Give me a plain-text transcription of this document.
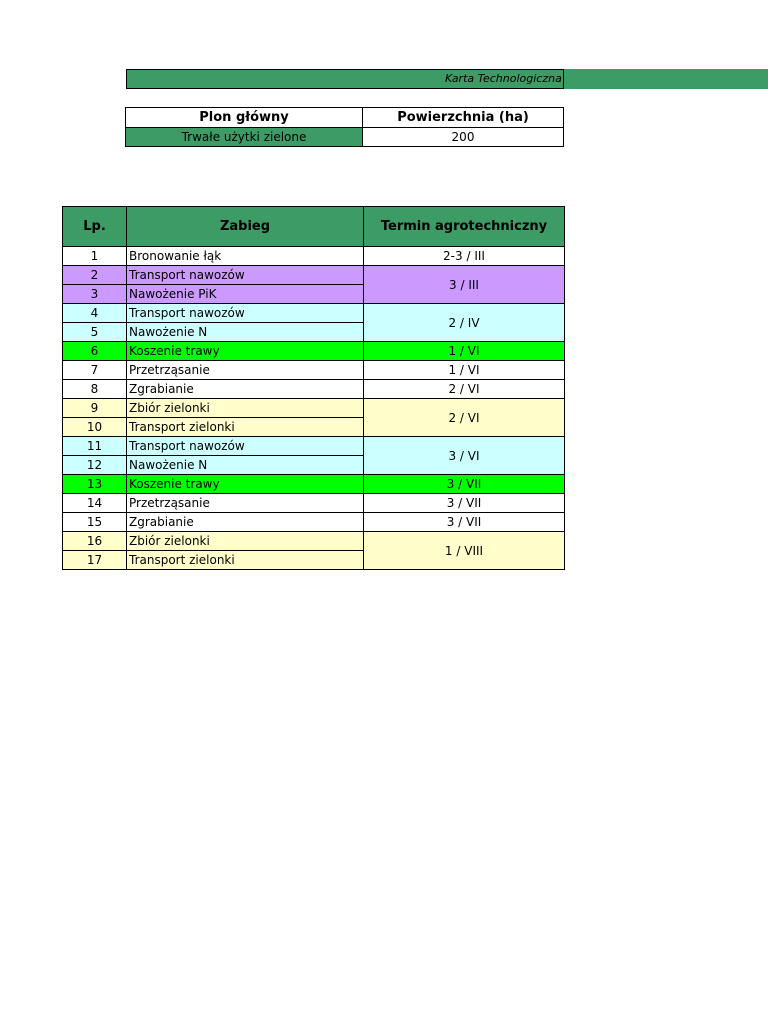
Karta Technologiczna
Plon główny	Powierzchnia (ha)
Trwałe użytki zielone	200
Lp.	Zabieg	Termin agrotechniczny
1	Bronowanie łąk	2-3 / III
2	Transport nawozów	3 / III
3	Nawożenie PiK	
4	Transport nawozów	2 / IV
5	Nawożenie N	
6	Koszenie trawy	1 / VI
7	Przetrząsanie	1 / VI
8	Zgrabianie	2 / VI
9	Zbiór zielonki	2 / VI
10	Transport zielonki	
11	Transport nawozów	3 / VI
12	Nawożenie N	
13	Koszenie trawy	3 / VII
14	Przetrząsanie	3 / VII
15	Zgrabianie	3 / VII
16	Zbiór zielonki	1 / VIII
17	Transport zielonki	
